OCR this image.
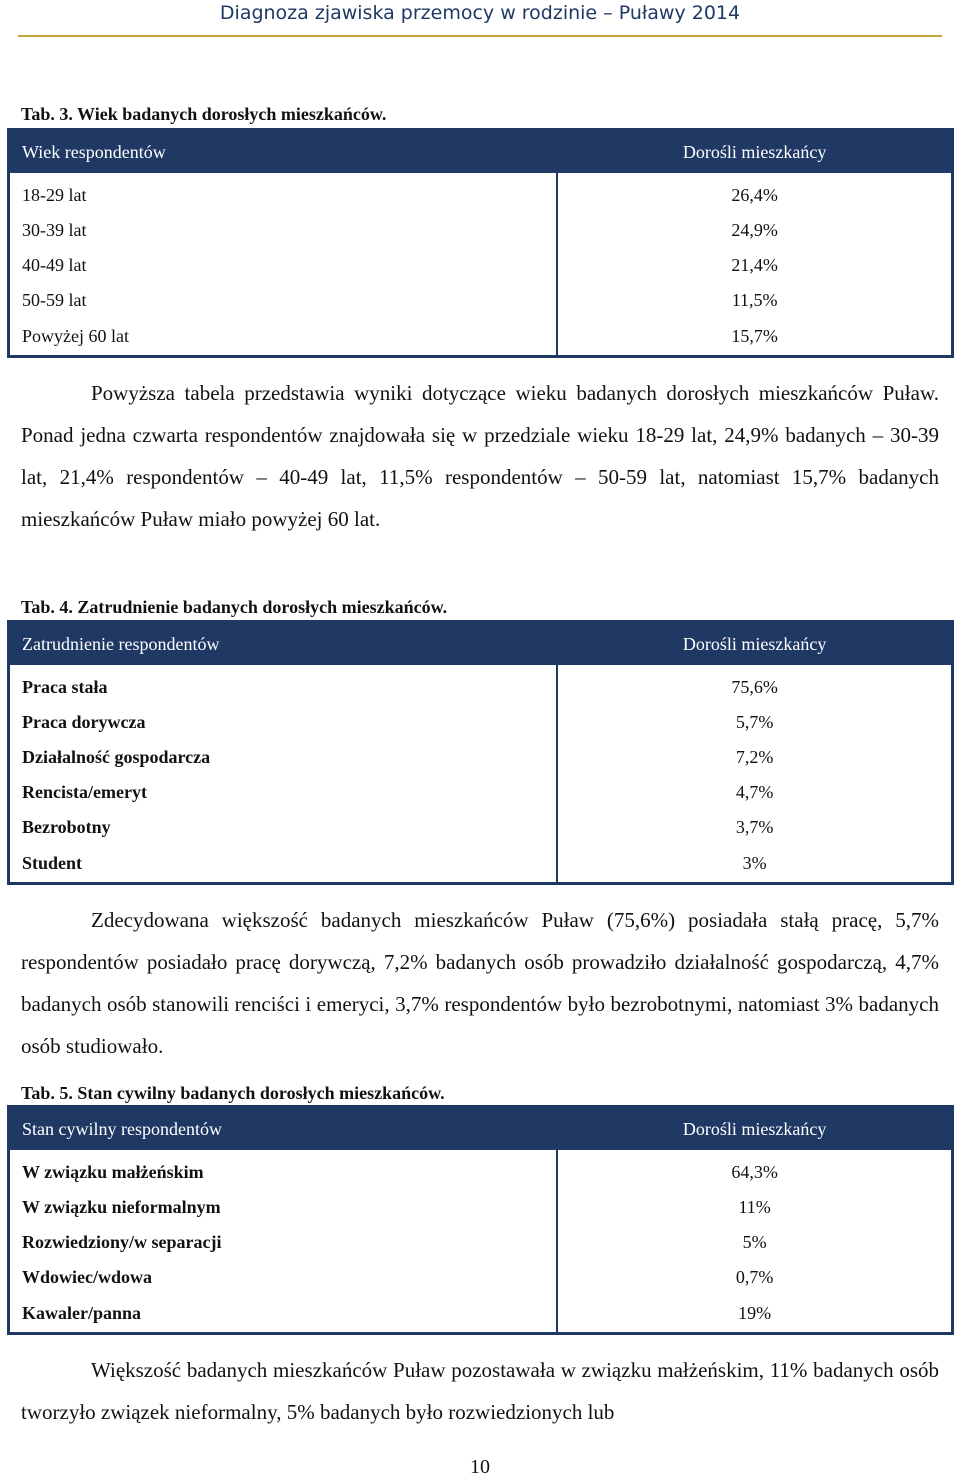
Diagnoza zjawiska przemocy w rodzinie – Puławy 2014
Tab. 3. Wiek badanych dorosłych mieszkańców.
Wiek respondentów	Dorośli mieszkańcy
18-29 lat	26,4%
30-39 lat	24,9%
40-49 lat	21,4%
50-59 lat	11,5%
Powyżej 60 lat	15,7%

Powyższa tabela przedstawia wyniki dotyczące wieku badanych dorosłych mieszkańców Puław. Ponad jedna czwarta respondentów znajdowała się w przedziale wieku 18-29 lat, 24,9% badanych – 30-39 lat, 21,4% respondentów – 40-49 lat, 11,5% respondentów – 50-59 lat, natomiast 15,7% badanych mieszkańców Puław miało powyżej 60 lat.

Tab. 4. Zatrudnienie badanych dorosłych mieszkańców.
Zatrudnienie respondentów	Dorośli mieszkańcy
Praca stała	75,6%
Praca dorywcza	5,7%
Działalność gospodarcza	7,2%
Rencista/emeryt	4,7%
Bezrobotny	3,7%
Student	3%

Zdecydowana większość badanych mieszkańców Puław (75,6%) posiadała stałą pracę, 5,7% respondentów posiadało pracę dorywczą, 7,2% badanych osób prowadziło działalność gospodarczą, 4,7% badanych osób stanowili renciści i emeryci, 3,7% respondentów było bezrobotnymi, natomiast 3% badanych osób studiowało.

Tab. 5. Stan cywilny badanych dorosłych mieszkańców.
Stan cywilny respondentów	Dorośli mieszkańcy
W związku małżeńskim	64,3%
W związku nieformalnym	11%
Rozwiedziony/w separacji	5%
Wdowiec/wdowa	0,7%
Kawaler/panna	19%

Większość badanych mieszkańców Puław pozostawała w związku małżeńskim, 11% badanych osób tworzyło związek nieformalny, 5% badanych było rozwiedzionych lub

10
